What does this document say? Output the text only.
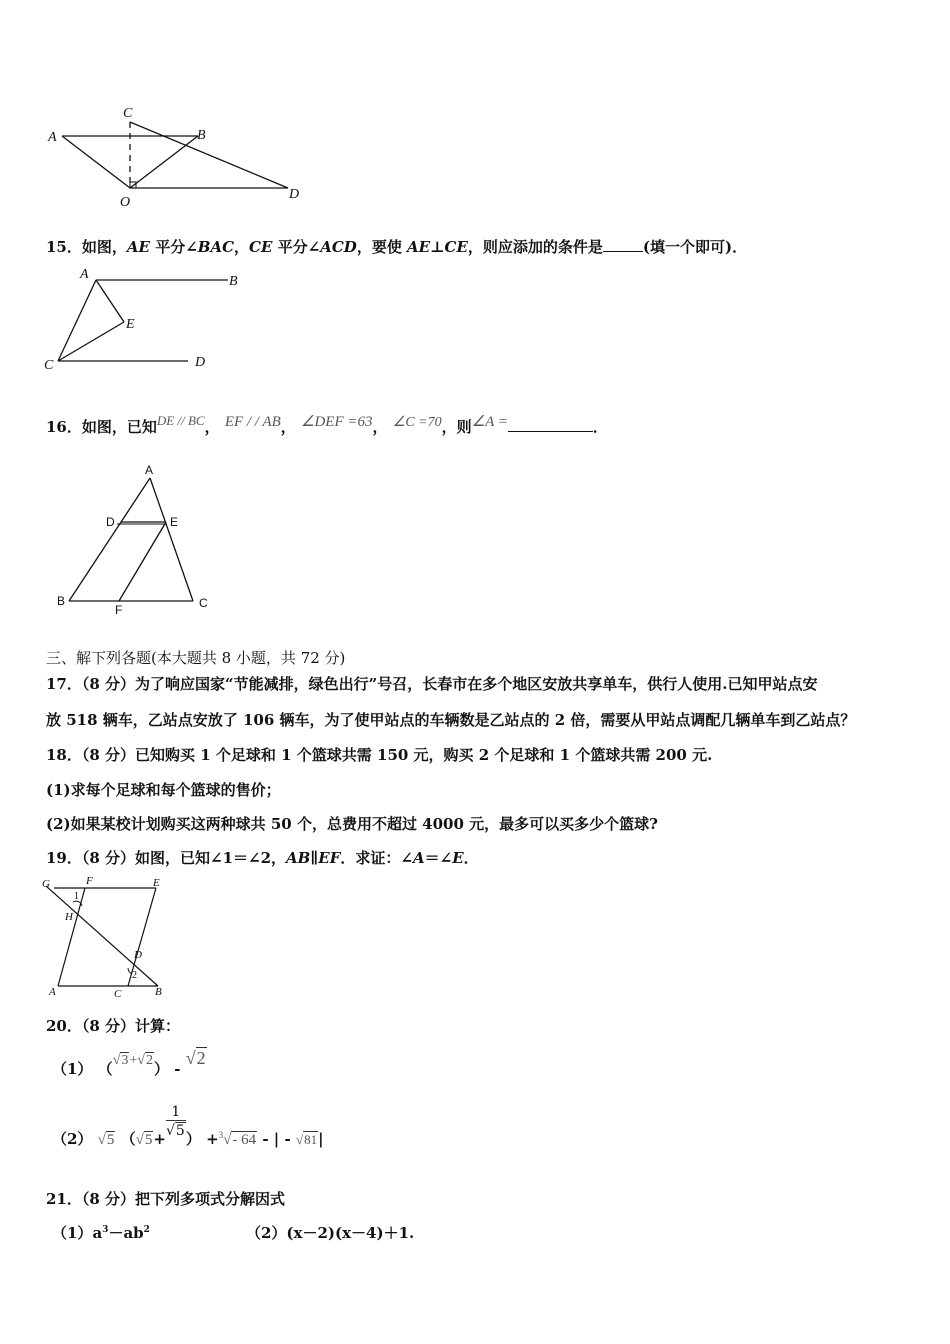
C
A	B
O
D
15．如图，AE 平分∠BAC，CE 平分∠ACD，要使 AE⊥CE，则应添加的条件是	(填一个即可)．
A	B
E
C	D
16．如图，已知DE // BC， EF / / AB， ∠DEF =63， ∠C =70，则∠A =	．
A
D	E
B
F	C
三、解下列各题(本大题共 8 小题，共 72 分)
17．（8 分）为了响应国家“节能减排，绿色出行”号召，长春市在多个地区安放共享单车，供行人使用.已知甲站点安
放 518 辆车，乙站点安放了 106 辆车，为了使甲站点的车辆数是乙站点的 2 倍，需要从甲站点调配几辆单车到乙站点？
18．（8 分）已知购买 1 个足球和 1 个篮球共需 150 元，购买 2 个足球和 1 个篮球共需 200 元.
(1)求每个足球和每个篮球的售价；
(2)如果某校计划购买这两种球共 50 个，总费用不超过 4000 元，最多可以买多少个篮球?
19．（8 分）如图，已知∠1＝∠2，AB∥EF．求证：∠A＝∠E．
G	F	E
H
1
D
2
A	C	B
20．（8 分）计算：
（1） （√3+√2） - √2
（2） √5 （$√5+ \frac{1}{√5}$ ） +$^3$√- 64 - | - √81|
21．（8 分）把下列多项式分解因式
$(1)a^3-ab^2$	（2）(x－2)(x－4)＋1.
